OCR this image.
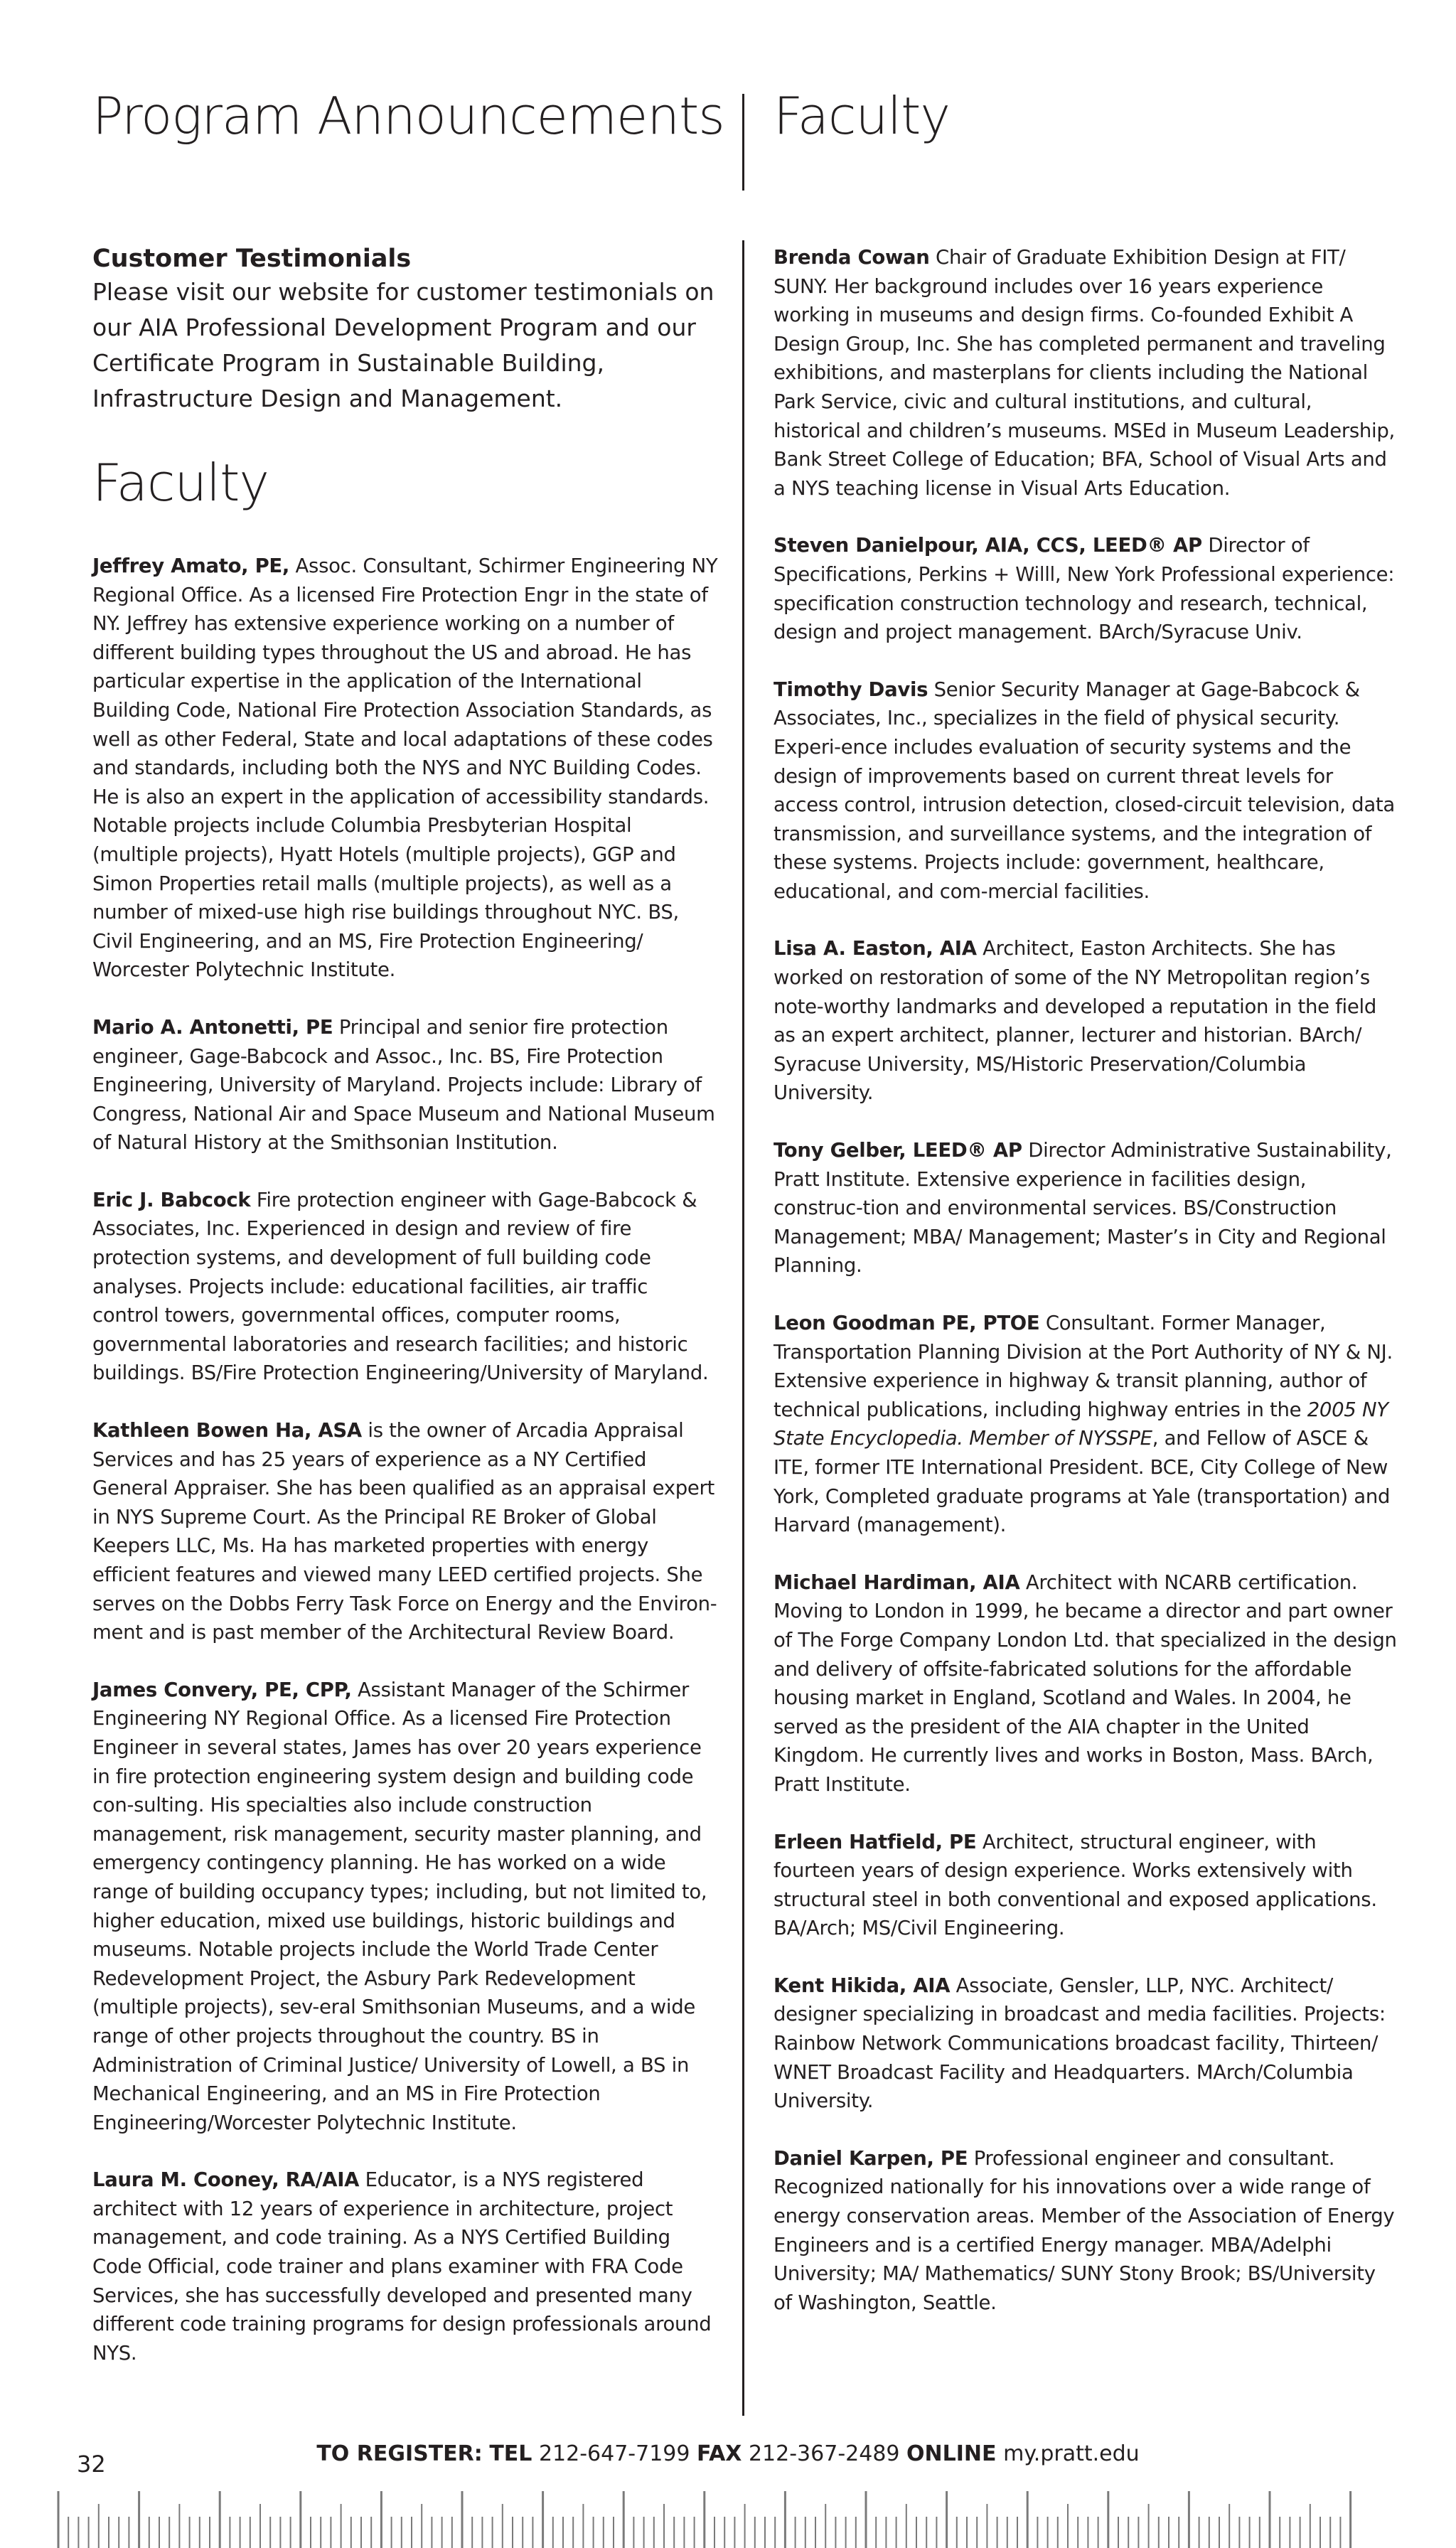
Program Announcements Faculty

Customer Testimonials

Please visit our website for customer testimonials on our AIA Professional Development Program and our Certificate Program in Sustainable Building, Infrastructure Design and Management.

Faculty

Jeffrey Amato, PE, Assoc. Consultant, Schirmer Engineering NY Regional Office. As a licensed Fire Protection Engr in the state of NY. Jeffrey has extensive experience working on a number of different building types throughout the US and abroad. He has particular expertise in the application of the International Building Code, National Fire Protection Association Standards, as well as other Federal, State and local adaptations of these codes and standards, including both the NYS and NYC Building Codes. He is also an expert in the application of accessibility standards. Notable projects include Columbia Presbyterian Hospital (multiple projects), Hyatt Hotels (multiple projects), GGP and Simon Properties retail malls (multiple projects), as well as a number of mixed-use high rise buildings throughout NYC. BS, Civil Engineering, and an MS, Fire Protection Engineering/ Worcester Polytechnic Institute.

Mario A. Antonetti, PE Principal and senior fire protection engineer, Gage-Babcock and Assoc., Inc. BS, Fire Protection Engineering, University of Maryland. Projects include: Library of Congress, National Air and Space Museum and National Museum of Natural History at the Smithsonian Institution.

Eric J. Babcock Fire protection engineer with Gage-Babcock & Associates, Inc. Experienced in design and review of fire protection systems, and development of full building code analyses. Projects include: educational facilities, air traffic control towers, governmental offices, computer rooms, governmental laboratories and research facilities; and historic buildings. BS/Fire Protection Engineering/University of Maryland.

Kathleen Bowen Ha, ASA is the owner of Arcadia Appraisal Services and has 25 years of experience as a NY Certified General Appraiser. She has been qualified as an appraisal expert in NYS Supreme Court. As the Principal RE Broker of Global Keepers LLC, Ms. Ha has marketed properties with energy efficient features and viewed many LEED certified projects. She serves on the Dobbs Ferry Task Force on Energy and the Environ-ment and is past member of the Architectural Review Board.

James Convery, PE, CPP, Assistant Manager of the Schirmer Engineering NY Regional Office. As a licensed Fire Protection Engineer in several states, James has over 20 years experience in fire protection engineering system design and building code con-sulting. His specialties also include construction management, risk management, security master planning, and emergency contingency planning. He has worked on a wide range of building occupancy types; including, but not limited to, higher education, mixed use buildings, historic buildings and museums. Notable projects include the World Trade Center Redevelopment Project, the Asbury Park Redevelopment (multiple projects), sev-eral Smithsonian Museums, and a wide range of other projects throughout the country. BS in Administration of Criminal Justice/ University of Lowell, a BS in Mechanical Engineering, and an MS in Fire Protection Engineering/Worcester Polytechnic Institute.

Laura M. Cooney, RA/AIA Educator, is a NYS registered architect with 12 years of experience in architecture, project management, and code training. As a NYS Certified Building Code Official, code trainer and plans examiner with FRA Code Services, she has successfully developed and presented many different code training programs for design professionals around NYS.

Brenda Cowan Chair of Graduate Exhibition Design at FIT/ SUNY. Her background includes over 16 years experience working in museums and design firms. Co-founded Exhibit A Design Group, Inc. She has completed permanent and traveling exhibitions, and masterplans for clients including the National Park Service, civic and cultural institutions, and cultural, historical and children’s museums. MSEd in Museum Leadership, Bank Street College of Education; BFA, School of Visual Arts and a NYS teaching license in Visual Arts Education.

Steven Danielpour, AIA, CCS, LEED® AP Director of Specifications, Perkins + Willl, New York Professional experience: specification construction technology and research, technical, design and project management. BArch/Syracuse Univ.

Timothy Davis Senior Security Manager at Gage-Babcock & Associates, Inc., specializes in the field of physical security. Experi-ence includes evaluation of security systems and the design of improvements based on current threat levels for access control, intrusion detection, closed-circuit television, data transmission, and surveillance systems, and the integration of these systems. Projects include: government, healthcare, educational, and com-mercial facilities.

Lisa A. Easton, AIA Architect, Easton Architects. She has worked on restoration of some of the NY Metropolitan region’s note-worthy landmarks and developed a reputation in the field as an expert architect, planner, lecturer and historian. BArch/ Syracuse University, MS/Historic Preservation/Columbia University.

Tony Gelber, LEED® AP Director Administrative Sustainability, Pratt Institute. Extensive experience in facilities design, construc-tion and environmental services. BS/Construction Management; MBA/ Management; Master’s in City and Regional Planning.

Leon Goodman PE, PTOE Consultant. Former Manager, Transportation Planning Division at the Port Authority of NY & NJ. Extensive experience in highway & transit planning, author of technical publications, including highway entries in the 2005 NY State Encyclopedia. Member of NYSSPE, and Fellow of ASCE & ITE, former ITE International President. BCE, City College of New York, Completed graduate programs at Yale (transportation) and Harvard (management).

Michael Hardiman, AIA Architect with NCARB certification. Moving to London in 1999, he became a director and part owner of The Forge Company London Ltd. that specialized in the design and delivery of offsite-fabricated solutions for the affordable housing market in England, Scotland and Wales. In 2004, he served as the president of the AIA chapter in the United Kingdom. He currently lives and works in Boston, Mass. BArch, Pratt Institute.

Erleen Hatfield, PE Architect, structural engineer, with fourteen years of design experience. Works extensively with structural steel in both conventional and exposed applications. BA/Arch; MS/Civil Engineering.

Kent Hikida, AIA Associate, Gensler, LLP, NYC. Architect/ designer specializing in broadcast and media facilities. Projects: Rainbow Network Communications broadcast facility, Thirteen/ WNET Broadcast Facility and Headquarters. MArch/Columbia University.

Daniel Karpen, PE Professional engineer and consultant. Recognized nationally for his innovations over a wide range of energy conservation areas. Member of the Association of Energy Engineers and is a certified Energy manager. MBA/Adelphi University; MA/ Mathematics/ SUNY Stony Brook; BS/University of Washington, Seattle.

32	TO REGISTER: TEL 212-647-7199 FAX 212-367-2489 ONLINE my.pratt.edu
